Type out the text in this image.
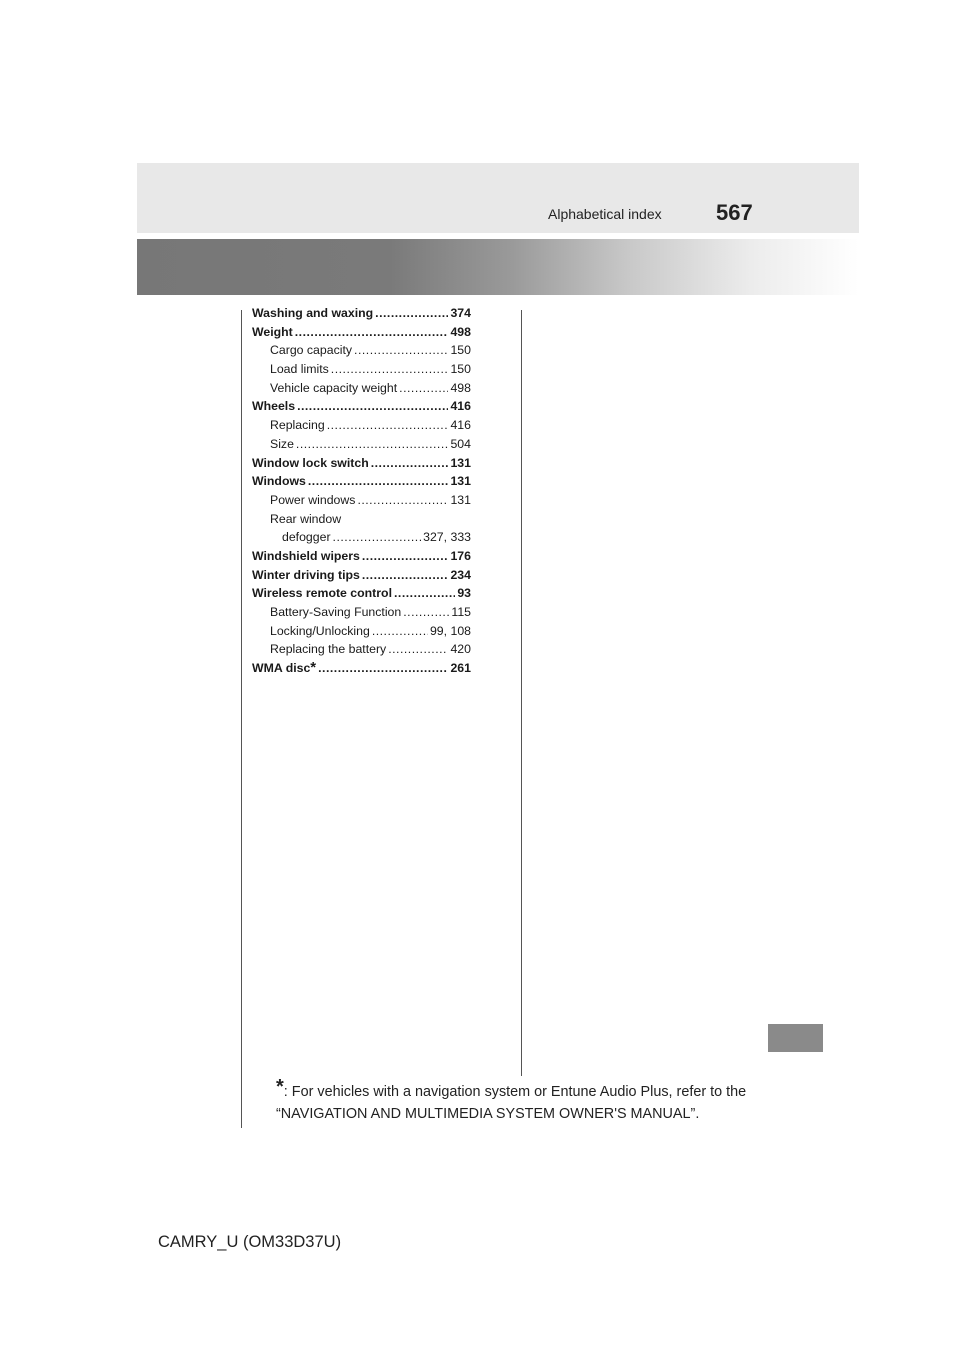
Alphabetical index 567
Washing and waxing .....	374
Weight .....	498
Cargo capacity .....	150
Load limits .....	150
Vehicle capacity weight .....	498
Wheels .....	416
Replacing .....	416
Size .....	504
Window lock switch .....	131
Windows .....	131
Power windows .....	131
Rear window
defogger .....	327, 333
Windshield wipers .....	176
Winter driving tips .....	234
Wireless remote control .....	93
Battery-Saving Function .....	115
Locking/Unlocking .....	99, 108
Replacing the battery .....	420
WMA disc * .....	261
*: For vehicles with a navigation system or Entune Audio Plus, refer to the “NAVIGATION AND MULTIMEDIA SYSTEM OWNER'S MANUAL”.
CAMRY_U (OM33D37U)
